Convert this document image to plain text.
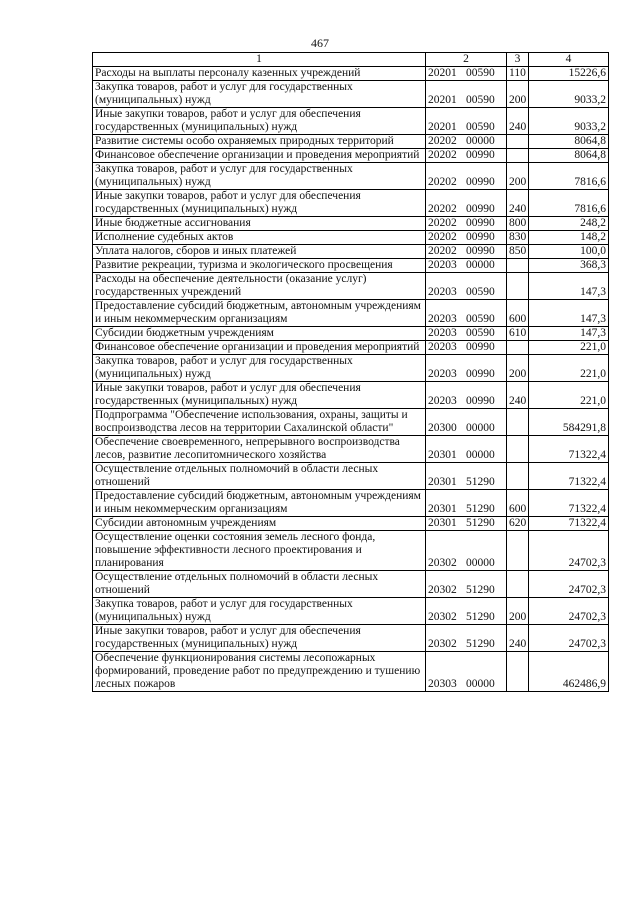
467
1	2	3	4
Расходы на выплаты персоналу казенных учреждений	20201 00590	110	15226,6
Закупка товаров, работ и услуг для государственных (муниципальных) нужд	20201 00590	200	9033,2
Иные закупки товаров, работ и услуг для обеспечения государственных (муниципальных) нужд	20201 00590	240	9033,2
Развитие системы особо охраняемых природных территорий	20202 00000		8064,8
Финансовое обеспечение организации и проведения мероприятий	20202 00990		8064,8
Закупка товаров, работ и услуг для государственных (муниципальных) нужд	20202 00990	200	7816,6
Иные закупки товаров, работ и услуг для обеспечения государственных (муниципальных) нужд	20202 00990	240	7816,6
Иные бюджетные ассигнования	20202 00990	800	248,2
Исполнение судебных актов	20202 00990	830	148,2
Уплата налогов, сборов и иных платежей	20202 00990	850	100,0
Развитие рекреации, туризма и экологического просвещения	20203 00000		368,3
Расходы на обеспечение деятельности (оказание услуг) государственных учреждений	20203 00590		147,3
Предоставление субсидий бюджетным, автономным учреждениям и иным некоммерческим организациям	20203 00590	600	147,3
Субсидии бюджетным учреждениям	20203 00590	610	147,3
Финансовое обеспечение организации и проведения мероприятий	20203 00990		221,0
Закупка товаров, работ и услуг для государственных (муниципальных) нужд	20203 00990	200	221,0
Иные закупки товаров, работ и услуг для обеспечения государственных (муниципальных) нужд	20203 00990	240	221,0
Подпрограмма "Обеспечение использования, охраны, защиты и воспроизводства лесов на территории Сахалинской области"	20300 00000		584291,8
Обеспечение своевременного, непрерывного воспроизводства лесов, развитие лесопитомнического хозяйства	20301 00000		71322,4
Осуществление отдельных полномочий в области лесных отношений	20301 51290		71322,4
Предоставление субсидий бюджетным, автономным учреждениям и иным некоммерческим организациям	20301 51290	600	71322,4
Субсидии автономным учреждениям	20301 51290	620	71322,4
Осуществление оценки состояния земель лесного фонда, повышение эффективности лесного проектирования и планирования	20302 00000		24702,3
Осуществление отдельных полномочий в области лесных отношений	20302 51290		24702,3
Закупка товаров, работ и услуг для государственных (муниципальных) нужд	20302 51290	200	24702,3
Иные закупки товаров, работ и услуг для обеспечения государственных (муниципальных) нужд	20302 51290	240	24702,3
Обеспечение функционирования системы лесопожарных формирований, проведение работ по предупреждению и тушению лесных пожаров	20303 00000		462486,9
